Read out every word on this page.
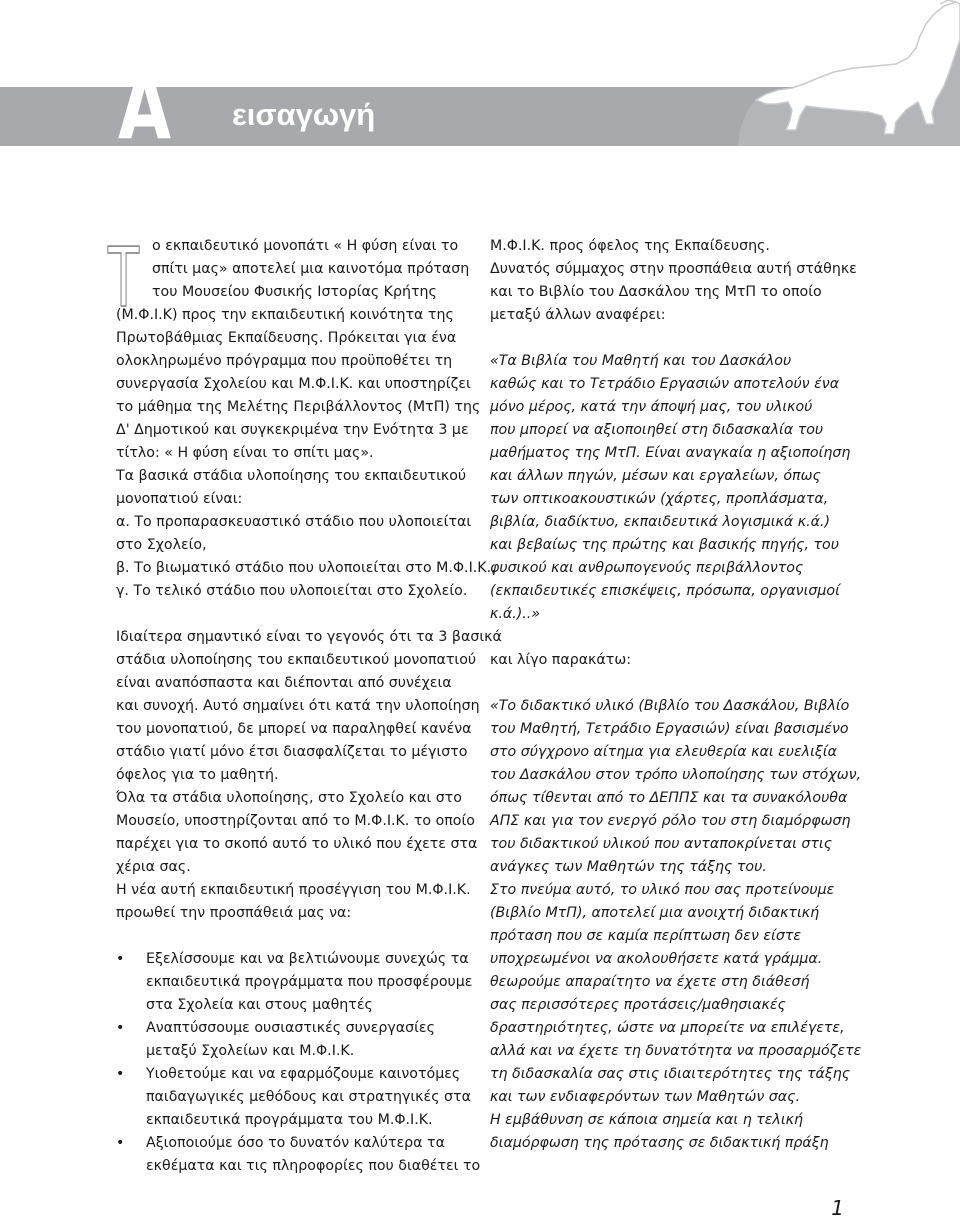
A εισαγωγή
Τ ο εκπαιδευτικό μονοπάτι « Η φύση είναι το

σπίτι μας» αποτελεί μια καινοτόμα πρόταση

του Μουσείου Φυσικής Ιστορίας Κρήτης

(Μ.Φ.Ι.Κ) προς την εκπαιδευτική κοινότητα της

Πρωτοβάθμιας Εκπαίδευσης. Πρόκειται για ένα

ολοκληρωμένο πρόγραμμα που προϋποθέτει τη

συνεργασία Σχολείου και Μ.Φ.Ι.Κ. και υποστηρίζει

το μάθημα της Μελέτης Περιβάλλοντος (ΜτΠ) της

Δ' Δημοτικού και συγκεκριμένα την Ενότητα 3 με

τίτλο: « Η φύση είναι το σπίτι μας».

Τα βασικά στάδια υλοποίησης του εκπαιδευτικού

μονοπατιού είναι:

α. Το προπαρασκευαστικό στάδιο που υλοποιείται

στο Σχολείο,

β. Το βιωματικό στάδιο που υλοποιείται στο Μ.Φ.Ι.Κ.,

γ. Το τελικό στάδιο που υλοποιείται στο Σχολείο.

Ιδιαίτερα σημαντικό είναι το γεγονός ότι τα 3 βασικά

στάδια υλοποίησης του εκπαιδευτικού μονοπατιού

είναι αναπόσπαστα και διέπονται από συνέχεια

και συνοχή. Αυτό σημαίνει ότι κατά την υλοποίηση

του μονοπατιού, δε μπορεί να παραληφθεί κανένα

στάδιο γιατί μόνο έτσι διασφαλίζεται το μέγιστο

όφελος για το μαθητή.

Όλα τα στάδια υλοποίησης, στο Σχολείο και στο

Μουσείο, υποστηρίζονται από το Μ.Φ.Ι.Κ. το οποίο

παρέχει για το σκοπό αυτό το υλικό που έχετε στα

χέρια σας.

Η νέα αυτή εκπαιδευτική προσέγγιση του Μ.Φ.Ι.Κ.

προωθεί την προσπάθειά μας να:

• Εξελίσσουμε και να βελτιώνουμε συνεχώς τα
εκπαιδευτικά προγράμματα που προσφέρουμε
στα Σχολεία και στους μαθητές
• Αναπτύσσουμε ουσιαστικές συνεργασίες
μεταξύ Σχολείων και Μ.Φ.Ι.Κ.
• Υιοθετούμε και να εφαρμόζουμε καινοτόμες
παιδαγωγικές μεθόδους και στρατηγικές στα
εκπαιδευτικά προγράμματα του Μ.Φ.Ι.Κ.
• Αξιοποιούμε όσο το δυνατόν καλύτερα τα
εκθέματα και τις πληροφορίες που διαθέτει το

Μ.Φ.Ι.Κ. προς όφελος της Εκπαίδευσης.

Δυνατός σύμμαχος στην προσπάθεια αυτή στάθηκε

και το Βιβλίο του Δασκάλου της ΜτΠ το οποίο

μεταξύ άλλων αναφέρει:

«Τα Βιβλία του Μαθητή και του Δασκάλου

καθώς και το Τετράδιο Εργασιών αποτελούν ένα

μόνο μέρος, κατά την άποψή μας, του υλικού

που μπορεί να αξιοποιηθεί στη διδασκαλία του

μαθήματος της ΜτΠ. Είναι αναγκαία η αξιοποίηση

και άλλων πηγών, μέσων και εργαλείων, όπως

των οπτικοακουστικών (χάρτες, προπλάσματα,

βιβλία, διαδίκτυο, εκπαιδευτικά λογισμικά κ.ά.)

και βεβαίως της πρώτης και βασικής πηγής, του

φυσικού και ανθρωπογενούς περιβάλλοντος

(εκπαιδευτικές επισκέψεις, πρόσωπα, οργανισμοί

κ.ά.)..»

και λίγο παρακάτω:

«Το διδακτικό υλικό (Βιβλίο του Δασκάλου, Βιβλίο

του Μαθητή, Τετράδιο Εργασιών) είναι βασισμένο

στο σύγχρονο αίτημα για ελευθερία και ευελιξία

του Δασκάλου στον τρόπο υλοποίησης των στόχων,

όπως τίθενται από το ΔΕΠΠΣ και τα συνακόλουθα

ΑΠΣ και για τον ενεργό ρόλο του στη διαμόρφωση

του διδακτικού υλικού που ανταποκρίνεται στις

ανάγκες των Μαθητών της τάξης του.

Στο πνεύμα αυτό, το υλικό που σας προτείνουμε

(Βιβλίο ΜτΠ), αποτελεί μια ανοιχτή διδακτική

πρόταση που σε καμία περίπτωση δεν είστε

υποχρεωμένοι να ακολουθήσετε κατά γράμμα.

θεωρούμε απαραίτητο να έχετε στη διάθεσή

σας περισσότερες προτάσεις/μαθησιακές

δραστηριότητες, ώστε να μπορείτε να επιλέγετε,

αλλά και να έχετε τη δυνατότητα να προσαρμόζετε

τη διδασκαλία σας στις ιδιαιτερότητες της τάξης

και των ενδιαφερόντων των Μαθητών σας.

Η εμβάθυνση σε κάποια σημεία και η τελική

διαμόρφωση της πρότασης σε διδακτική πράξη

1
